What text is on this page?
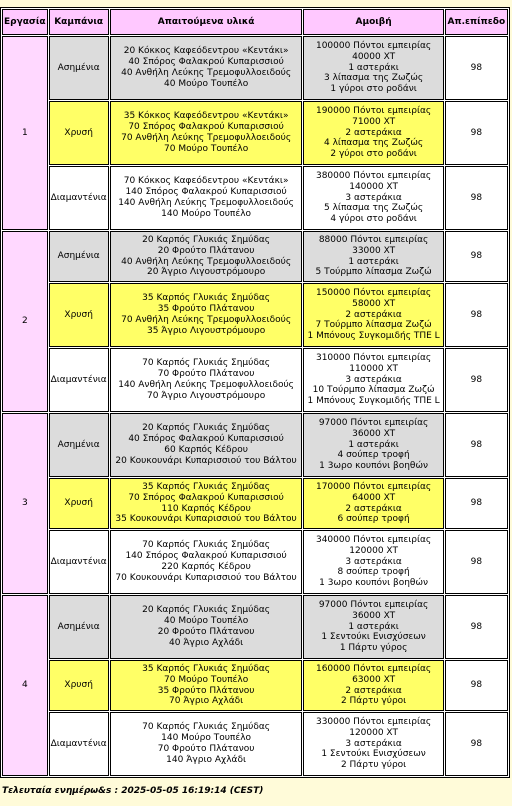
Εργασία	Καμπάνια	Απαιτούμενα υλικά	Αμοιβή	Απ.επίπεδο
1	Ασημένια	20 Κόκκος Καφεόδεντρου «Κεντάκι»
40 Σπόρος Φαλακρού Κυπαρισσιού
40 Ανθήλη Λεύκης Τρεμοφυλλοειδούς
40 Μούρο Τουπέλο	100000 Πόντοι εμπειρίας
40000 XT
1 αστεράκι
3 λίπασμα της Ζωζώς
1 γύροι στο ροδάνι	98
	Χρυσή	35 Κόκκος Καφεόδεντρου «Κεντάκι»
70 Σπόρος Φαλακρού Κυπαρισσιού
70 Ανθήλη Λεύκης Τρεμοφυλλοειδούς
70 Μούρο Τουπέλο	190000 Πόντοι εμπειρίας
71000 XT
2 αστεράκια
4 λίπασμα της Ζωζώς
2 γύροι στο ροδάνι	98
	Διαμαντένια	70 Κόκκος Καφεόδεντρου «Κεντάκι»
140 Σπόρος Φαλακρού Κυπαρισσιού
140 Ανθήλη Λεύκης Τρεμοφυλλοειδούς
140 Μούρο Τουπέλο	380000 Πόντοι εμπειρίας
140000 XT
3 αστεράκια
5 λίπασμα της Ζωζώς
4 γύροι στο ροδάνι	98
2	Ασημένια	20 Καρπός Γλυκιάς Σημύδας
20 Φρούτο Πλάτανου
40 Ανθήλη Λεύκης Τρεμοφυλλοειδούς
20 Άγριο Λιγουστρόμουρο	88000 Πόντοι εμπειρίας
33000 XT
1 αστεράκι
5 Τούρμπο λίπασμα Ζωζώ	98
	Χρυσή	35 Καρπός Γλυκιάς Σημύδας
35 Φρούτο Πλάτανου
70 Ανθήλη Λεύκης Τρεμοφυλλοειδούς
35 Άγριο Λιγουστρόμουρο	150000 Πόντοι εμπειρίας
58000 XT
2 αστεράκια
7 Τούρμπο λίπασμα Ζωζώ
1 Μπόνους Συγκομιδής ΤΠΕ L	98
	Διαμαντένια	70 Καρπός Γλυκιάς Σημύδας
70 Φρούτο Πλάτανου
140 Ανθήλη Λεύκης Τρεμοφυλλοειδούς
70 Άγριο Λιγουστρόμουρο	310000 Πόντοι εμπειρίας
110000 XT
3 αστεράκια
10 Τούρμπο λίπασμα Ζωζώ
1 Μπόνους Συγκομιδής ΤΠΕ L	98
3	Ασημένια	20 Καρπός Γλυκιάς Σημύδας
40 Σπόρος Φαλακρού Κυπαρισσιού
60 Καρπός Κέδρου
20 Κουκουνάρι Κυπαρισσιού του Βάλτου	97000 Πόντοι εμπειρίας
36000 XT
1 αστεράκι
4 σούπερ τροφή
1 3ωρο κουπόνι βοηθών	98
	Χρυσή	35 Καρπός Γλυκιάς Σημύδας
70 Σπόρος Φαλακρού Κυπαρισσιού
110 Καρπός Κέδρου
35 Κουκουνάρι Κυπαρισσιού του Βάλτου	170000 Πόντοι εμπειρίας
64000 XT
2 αστεράκια
6 σούπερ τροφή	98
	Διαμαντένια	70 Καρπός Γλυκιάς Σημύδας
140 Σπόρος Φαλακρού Κυπαρισσιού
220 Καρπός Κέδρου
70 Κουκουνάρι Κυπαρισσιού του Βάλτου	340000 Πόντοι εμπειρίας
120000 XT
3 αστεράκια
8 σούπερ τροφή
1 3ωρο κουπόνι βοηθών	98
4	Ασημένια	20 Καρπός Γλυκιάς Σημύδας
40 Μούρο Τουπέλο
20 Φρούτο Πλάτανου
40 Άγριο Αχλάδι	97000 Πόντοι εμπειρίας
36000 XT
1 αστεράκι
1 Σεντούκι Ενισχύσεων
1 Πάρτυ γύρος	98
	Χρυσή	35 Καρπός Γλυκιάς Σημύδας
70 Μούρο Τουπέλο
35 Φρούτο Πλάτανου
70 Άγριο Αχλάδι	160000 Πόντοι εμπειρίας
63000 XT
2 αστεράκια
2 Πάρτυ γύροι	98
	Διαμαντένια	70 Καρπός Γλυκιάς Σημύδας
140 Μούρο Τουπέλο
70 Φρούτο Πλάτανου
140 Άγριο Αχλάδι	330000 Πόντοι εμπειρίας
120000 XT
3 αστεράκια
1 Σεντούκι Ενισχύσεων
2 Πάρτυ γύροι	98
Τελευταία ενημέρω&s : 2025-05-05 16:19:14 (CEST)
